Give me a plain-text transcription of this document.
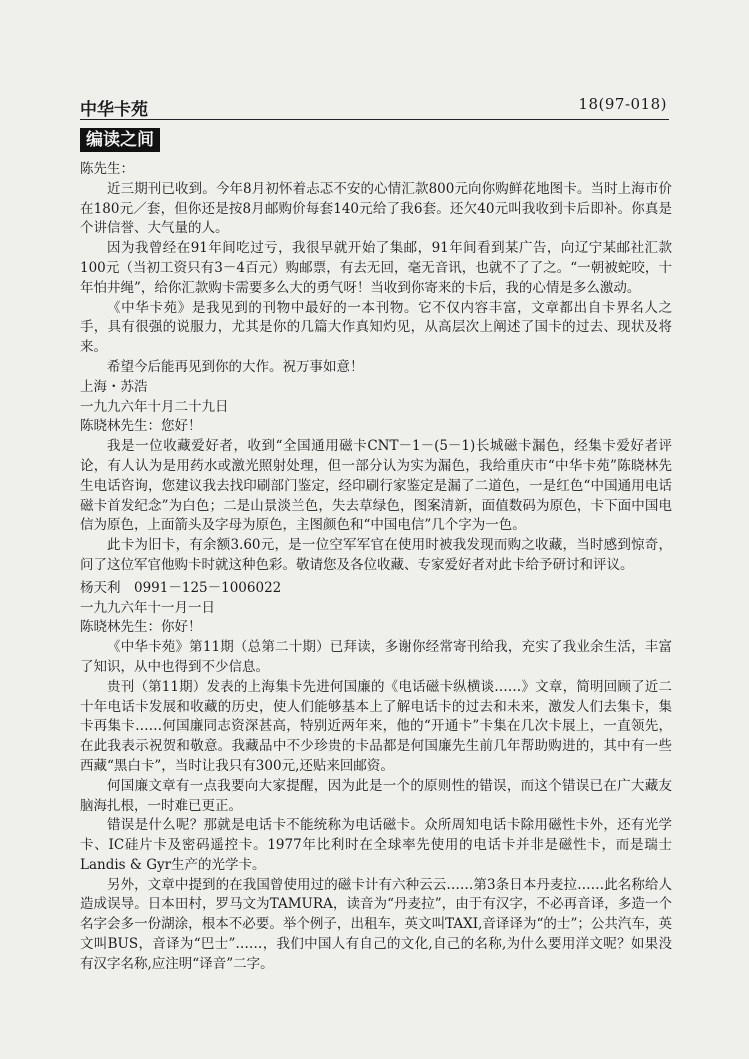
中华卡苑	18(97-018)
编读之间

陈先生：

近三期刊已收到。今年8月初怀着忐忑不安的心情汇款800元向你购鲜花地图卡。当时上海市价在180元／套，但你还是按8月邮购价每套140元给了我6套。还欠40元叫我收到卡后即补。你真是个讲信誉、大气量的人。

因为我曾经在91年间吃过亏，我很早就开始了集邮，91年间看到某广告，向辽宁某邮社汇款100元（当初工资只有3－4百元）购邮票，有去无回，毫无音讯，也就不了了之。“一朝被蛇咬，十年怕井绳”，给你汇款购卡需要多么大的勇气呀！当收到你寄来的卡后，我的心情是多么激动。

《中华卡苑》是我见到的刊物中最好的一本刊物。它不仅内容丰富，文章都出自卡界名人之手，具有很强的说服力，尤其是你的几篇大作真知灼见，从高层次上阐述了国卡的过去、现状及将来。

希望今后能再见到你的大作。祝万事如意！

上海・苏浩

一九九六年十月二十九日

陈晓林先生：您好！

我是一位收藏爱好者，收到“全国通用磁卡CNT－1－(5－1)长城磁卡漏色，经集卡爱好者评论，有人认为是用药水或激光照射处理，但一部分认为实为漏色，我给重庆市“中华卡苑”陈晓林先生电话咨询，您建议我去找印刷部门鉴定，经印刷行家鉴定是漏了二道色，一是红色“中国通用电话磁卡首发纪念”为白色；二是山景淡兰色，失去草绿色，图案清新，面值数码为原色，卡下面中国电信为原色，上面箭头及字母为原色，主图颜色和“中国电信”几个字为一色。

此卡为旧卡，有余额3.60元，是一位空军军官在使用时被我发现而购之收藏，当时感到惊奇，问了这位军官他购卡时就这种色彩。敬请您及各位收藏、专家爱好者对此卡给予研讨和评议。

杨天利　0991－125－1006022

一九九六年十一月一日

陈晓林先生：你好！

《中华卡苑》第11期（总第二十期）已拜读，多谢你经常寄刊给我，充实了我业余生活，丰富了知识，从中也得到不少信息。

贵刊（第11期）发表的上海集卡先进何国廉的《电话磁卡纵横谈……》文章，简明回顾了近二十年电话卡发展和收藏的历史，使人们能够基本上了解电话卡的过去和未来，激发人们去集卡，集卡再集卡……何国廉同志资深甚高，特别近两年来，他的“开通卡”卡集在几次卡展上，一直领先，在此我表示祝贺和敬意。我藏品中不少珍贵的卡品都是何国廉先生前几年帮助购进的，其中有一些西藏“黑白卡”，当时让我只有300元,还贴来回邮资。

何国廉文章有一点我要向大家提醒，因为此是一个的原则性的错误，而这个错误已在广大藏友脑海扎根，一时难已更正。

错误是什么呢？那就是电话卡不能统称为电话磁卡。众所周知电话卡除用磁性卡外，还有光学卡、IC硅片卡及密码遥控卡。1977年比利时在全球率先使用的电话卡并非是磁性卡，而是瑞士Landis & Gyr生产的光学卡。

另外，文章中提到的在我国曾使用过的磁卡计有六种云云……第3条日本丹麦拉……此名称给人造成误导。日本田村，罗马文为TAMURA，读音为“丹麦拉”，由于有汉字，不必再音译，多造一个名字会多一份湖涂，根本不必要。举个例子，出租车，英文叫TAXI,音译译为“的士”；公共汽车，英文叫BUS，音译为“巴士”……，我们中国人有自己的文化,自己的名称,为什么要用洋文呢？如果没有汉字名称,应注明“译音”二字。
